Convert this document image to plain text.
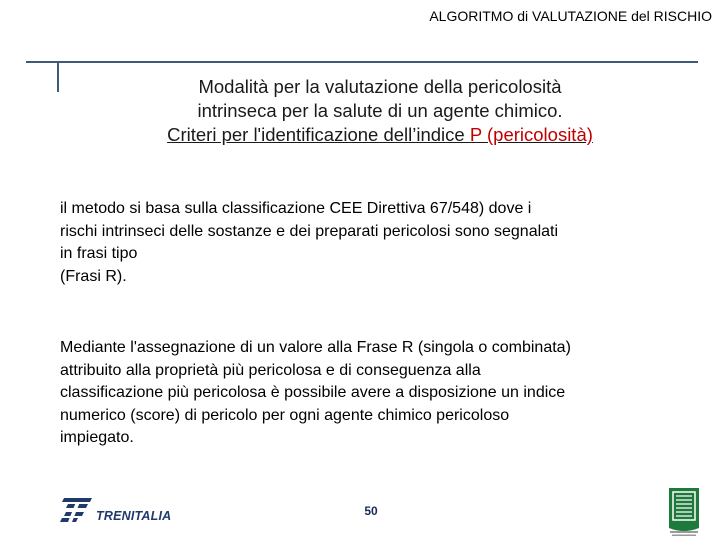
ALGORITMO di VALUTAZIONE del RISCHIO
Modalità per la valutazione della pericolosità
intrinseca per la salute di un agente chimico.
Criteri per l'identificazione dell’indice P (pericolosità)
il metodo si basa sulla classificazione CEE Direttiva 67/548) dove i
rischi intrinseci delle sostanze e dei preparati pericolosi sono segnalati
in frasi tipo
(Frasi R).
Mediante l'assegnazione di un valore alla Frase R (singola o combinata)
attribuito alla proprietà più pericolosa e di conseguenza alla
classificazione più pericolosa è possibile avere a disposizione un indice
numerico (score) di pericolo per ogni agente chimico pericoloso
impiegato.
TRENITALIA	50
